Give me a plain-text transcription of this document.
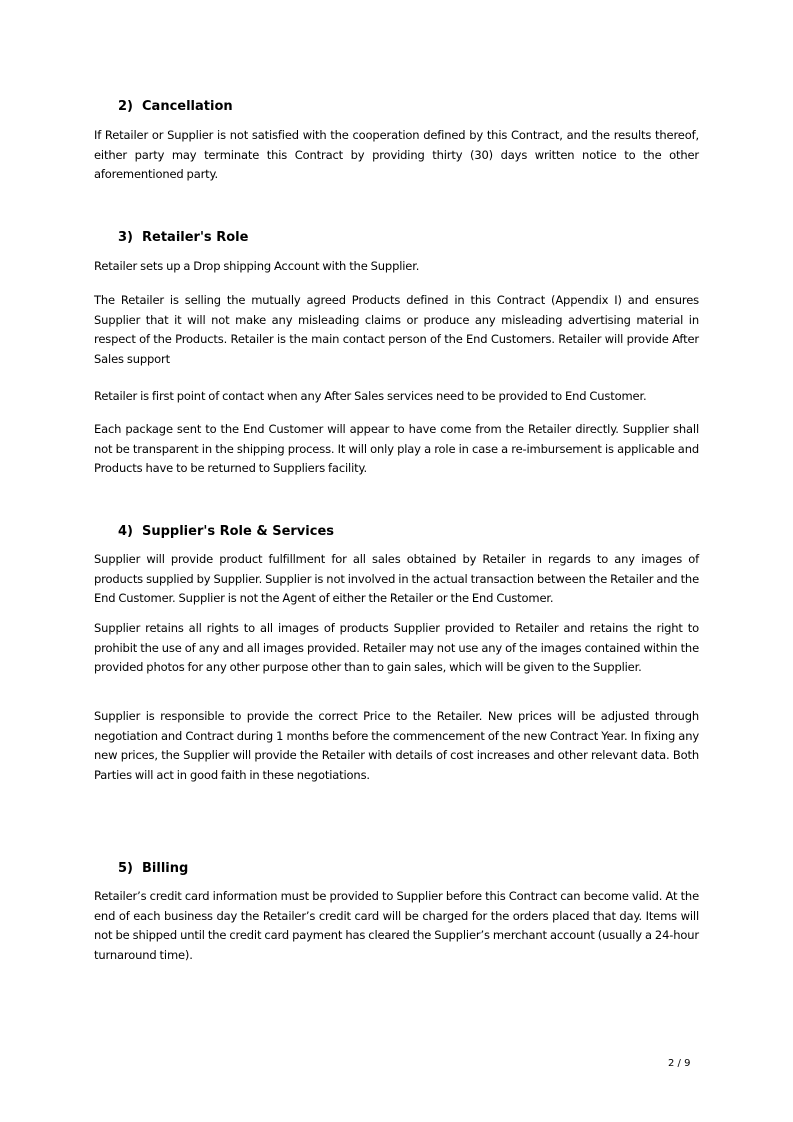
2) Cancellation

If Retailer or Supplier is not satisfied with the cooperation defined by this Contract, and the results thereof, either party may terminate this Contract by providing thirty (30) days written notice to the other aforementioned party.

3) Retailer's Role

Retailer sets up a Drop shipping Account with the Supplier.

The Retailer is selling the mutually agreed Products defined in this Contract (Appendix I) and ensures Supplier that it will not make any misleading claims or produce any misleading advertising material in respect of the Products. Retailer is the main contact person of the End Customers. Retailer will provide After Sales support

Retailer is first point of contact when any After Sales services need to be provided to End Customer.

Each package sent to the End Customer will appear to have come from the Retailer directly. Supplier shall not be transparent in the shipping process. It will only play a role in case a re-imbursement is applicable and Products have to be returned to Suppliers facility.

4) Supplier's Role & Services

Supplier will provide product fulfillment for all sales obtained by Retailer in regards to any images of products supplied by Supplier. Supplier is not involved in the actual transaction between the Retailer and the End Customer. Supplier is not the Agent of either the Retailer or the End Customer.

Supplier retains all rights to all images of products Supplier provided to Retailer and retains the right to prohibit the use of any and all images provided. Retailer may not use any of the images contained within the provided photos for any other purpose other than to gain sales, which will be given to the Supplier.

Supplier is responsible to provide the correct Price to the Retailer. New prices will be adjusted through negotiation and Contract during 1 months before the commencement of the new Contract Year. In fixing any new prices, the Supplier will provide the Retailer with details of cost increases and other relevant data. Both Parties will act in good faith in these negotiations.

5) Billing

Retailer’s credit card information must be provided to Supplier before this Contract can become valid. At the end of each business day the Retailer’s credit card will be charged for the orders placed that day. Items will not be shipped until the credit card payment has cleared the Supplier’s merchant account (usually a 24-hour turnaround time).

2 / 9
